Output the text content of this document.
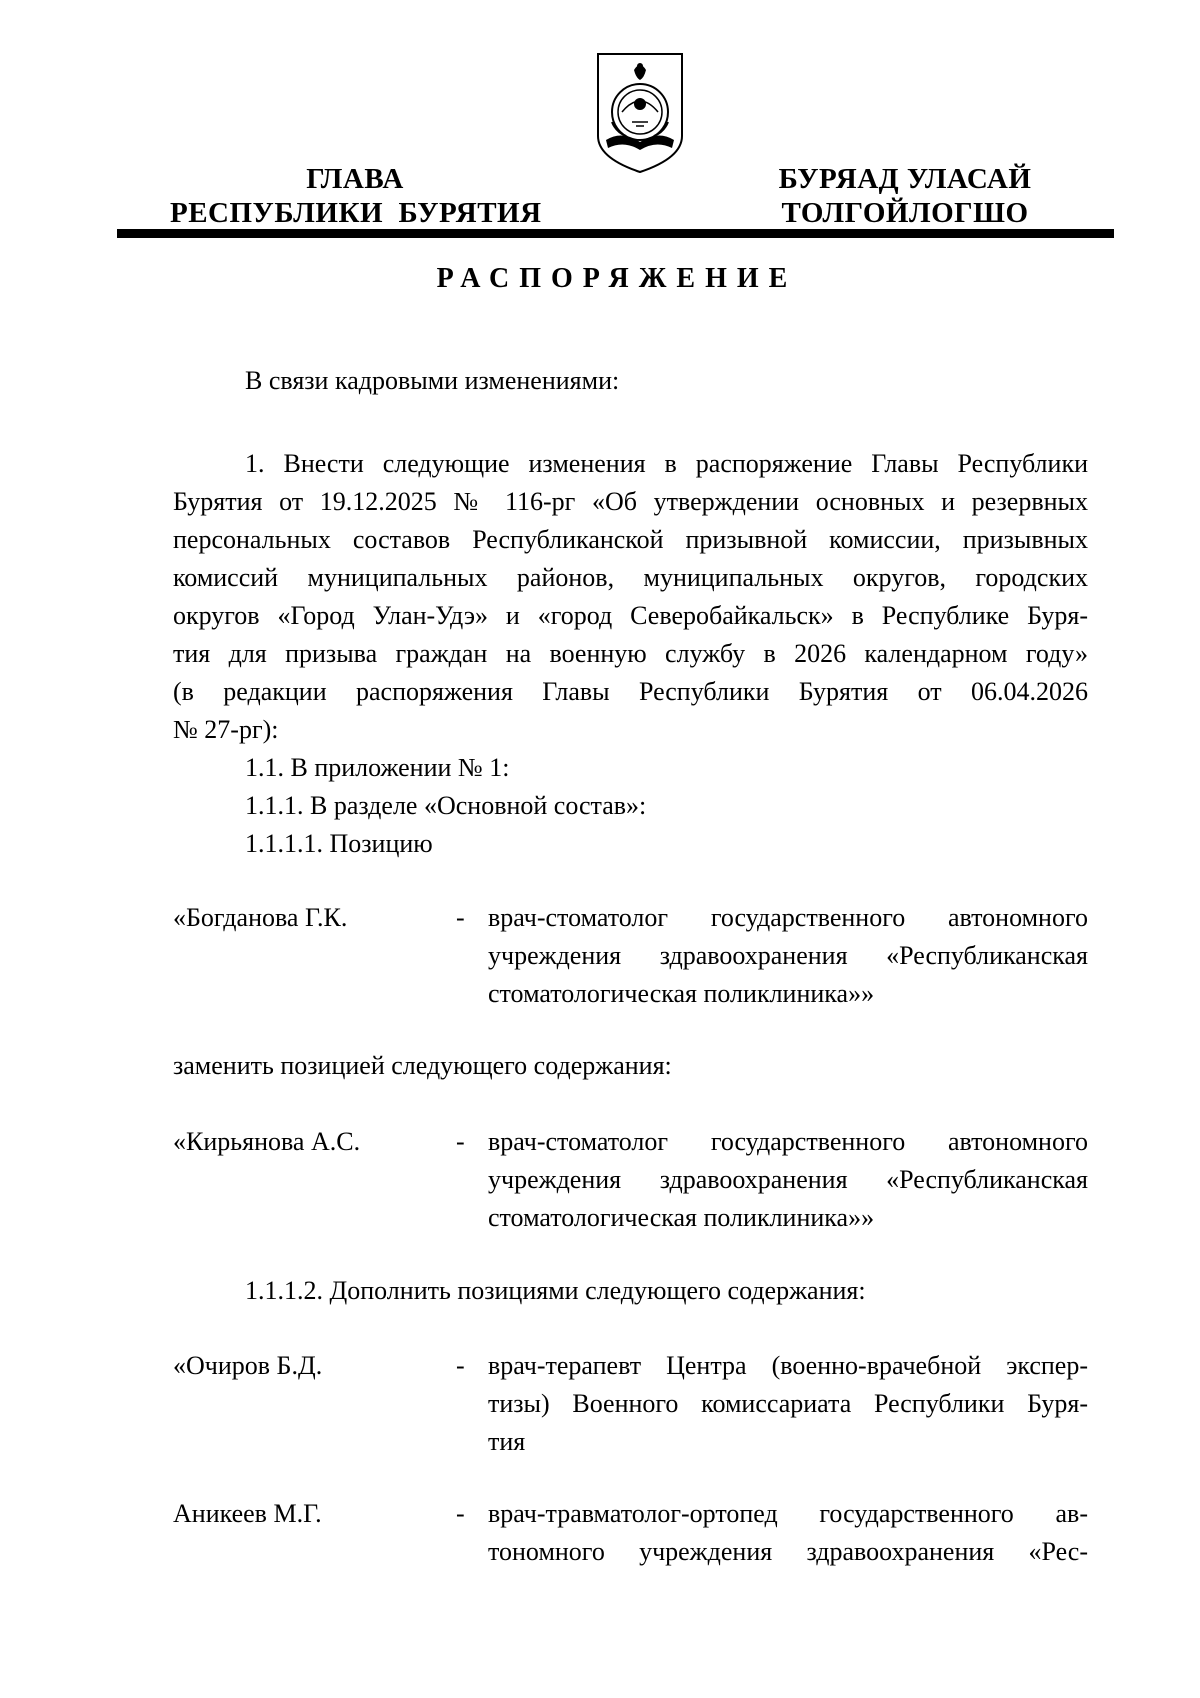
ГЛАВА
РЕСПУБЛИКИ  БУРЯТИЯ
БУРЯАД УЛАСАЙ
ТОЛГОЙЛОГШО
РАСПОРЯЖЕНИЕ
В связи кадровыми изменениями:
1. Внести следующие изменения в распоряжение Главы Республики
Бурятия от 19.12.2025 № 116-рг «Об утверждении основных и резервных
персональных составов Республиканской призывной комиссии, призывных
комиссий муниципальных районов, муниципальных округов, городских
округов «Город Улан-Удэ» и «город Северобайкальск» в Республике Буря-
тия для призыва граждан на военную службу в 2026 календарном году»
(в редакции распоряжения Главы Республики Бурятия от 06.04.2026
№ 27-рг):
1.1. В приложении № 1:
1.1.1. В разделе «Основной состав»:
1.1.1.1. Позицию
«Богданова Г.К.	- врач-стоматолог государственного автономного
учреждения здравоохранения «Республиканская
стоматологическая поликлиника»»
заменить позицией следующего содержания:
«Кирьянова А.С.	- врач-стоматолог государственного автономного
учреждения здравоохранения «Республиканская
стоматологическая поликлиника»»
1.1.1.2. Дополнить позициями следующего содержания:
«Очиров Б.Д.	- врач-терапевт Центра (военно-врачебной экспер-
тизы) Военного комиссариата Республики Буря-
тия
Аникеев М.Г.	- врач-травматолог-ортопед государственного ав-
тономного учреждения здравоохранения «Рес-
